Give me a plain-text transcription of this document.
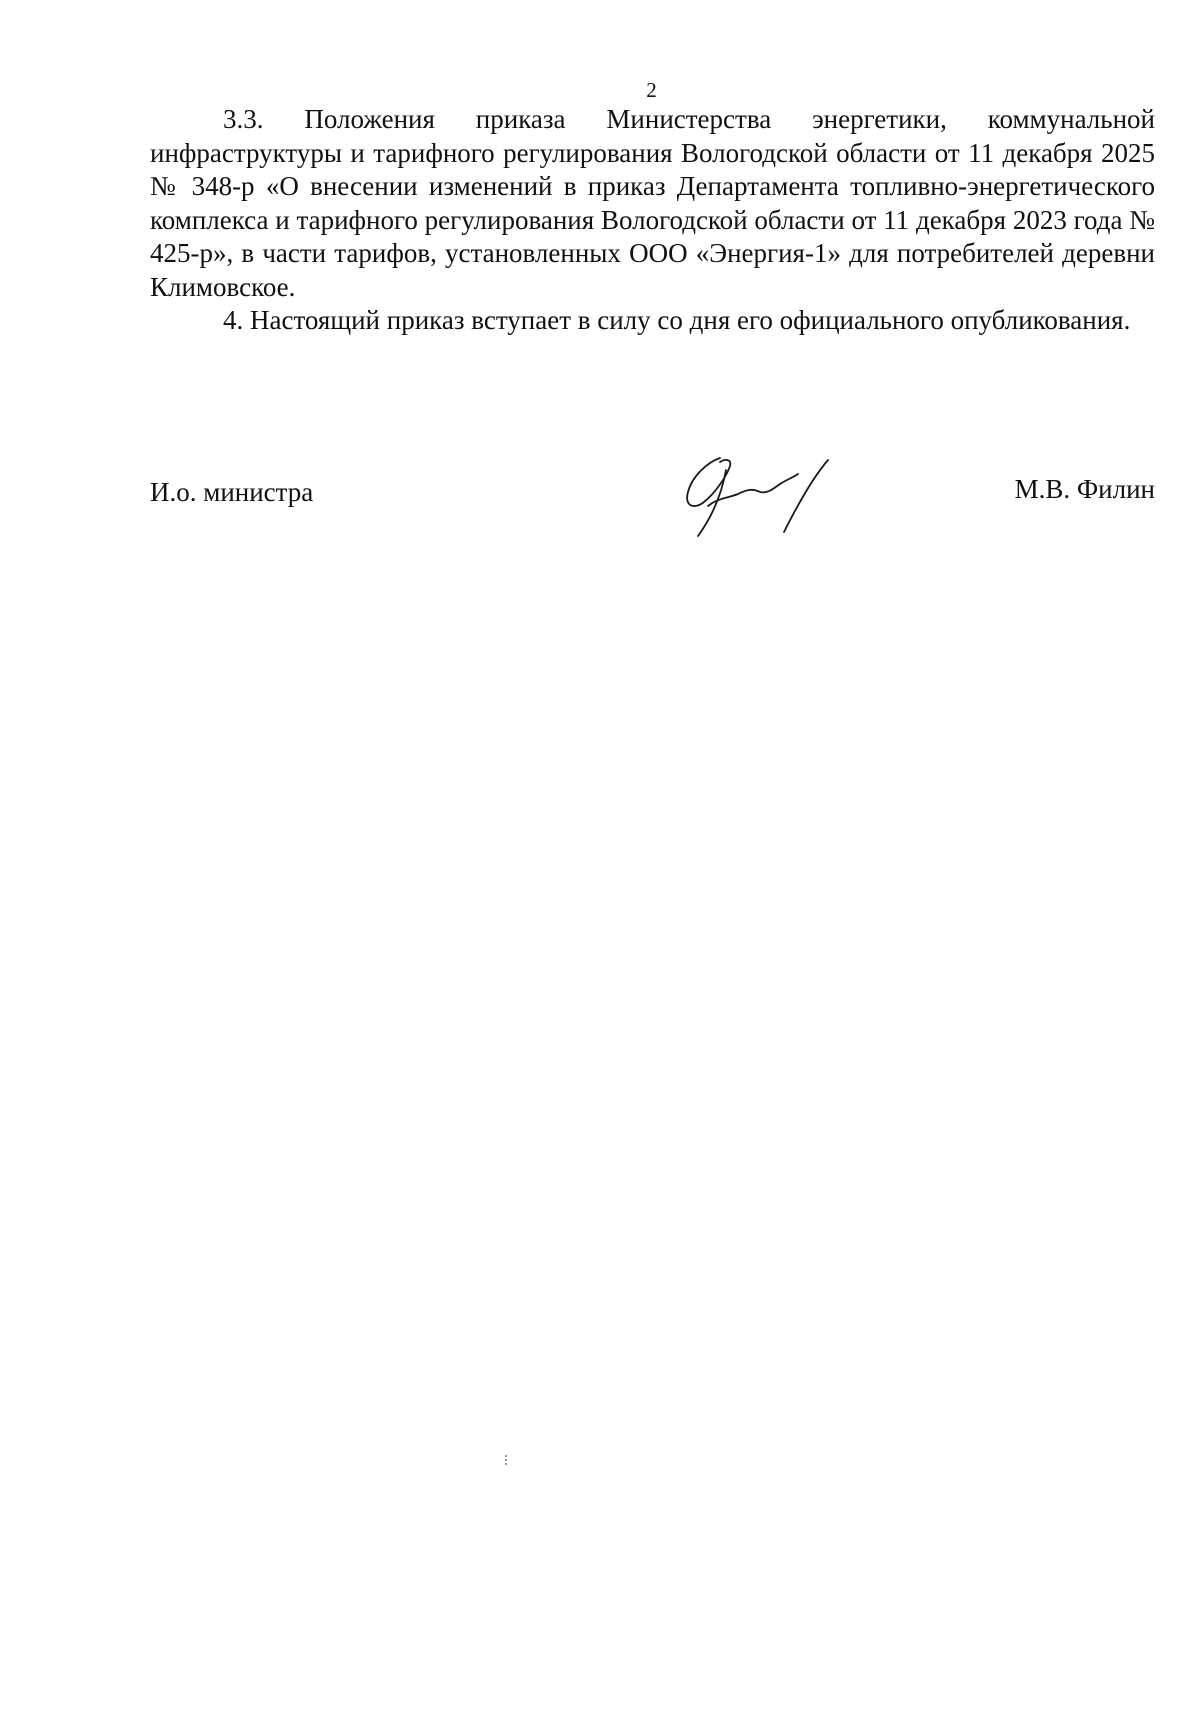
2

3.3. Положения приказа Министерства энергетики, коммунальной инфраструктуры и тарифного регулирования Вологодской области от 11 декабря 2025 № 348-р «О внесении изменений в приказ Департамента топливно-энергетического комплекса и тарифного регулирования Вологодской области от 11 декабря 2023 года № 425-р», в части тарифов, установленных ООО «Энергия-1» для потребителей деревни Климовское.

4. Настоящий приказ вступает в силу со дня его официального опубликования.

И.о. министра	М.В. Филин
